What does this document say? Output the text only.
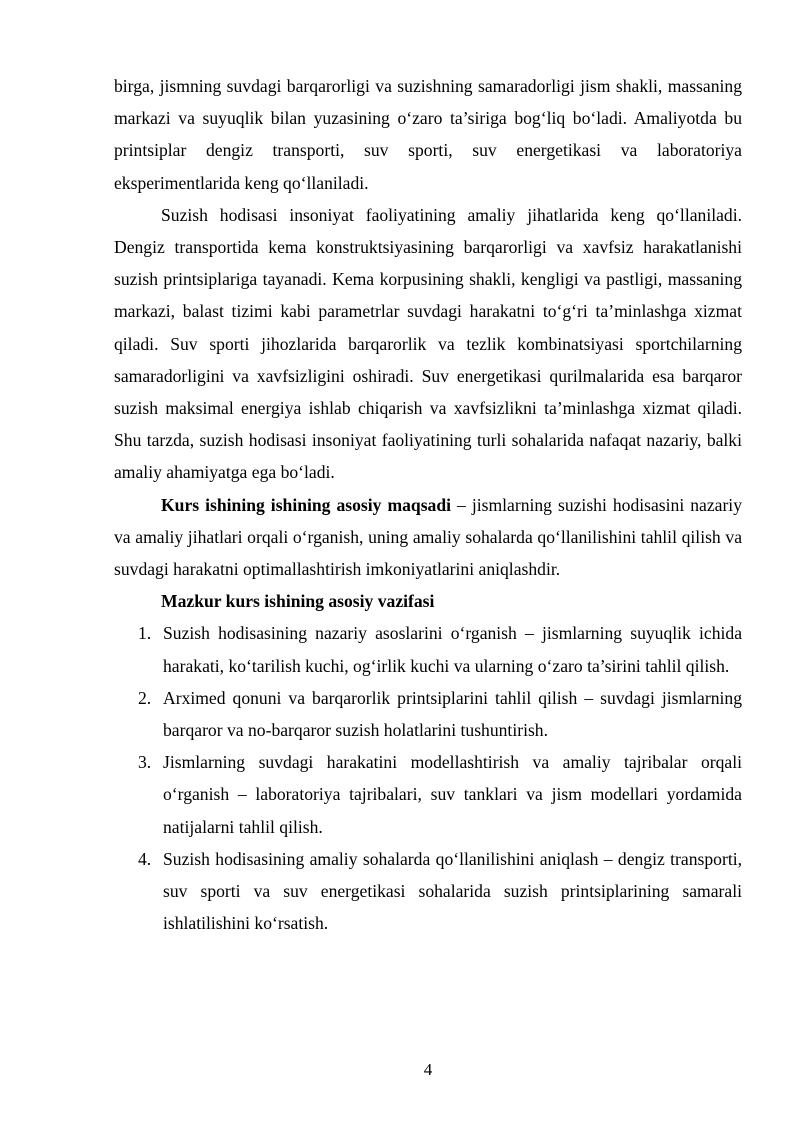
birga, jismning suvdagi barqarorligi va suzishning samaradorligi jism shakli, massaning markazi va suyuqlik bilan yuzasining o‘zaro ta’siriga bog‘liq bo‘ladi. Amaliyotda bu printsiplar dengiz transporti, suv sporti, suv energetikasi va laboratoriya eksperimentlarida keng qo‘llaniladi.

Suzish hodisasi insoniyat faoliyatining amaliy jihatlarida keng qo‘llaniladi. Dengiz transportida kema konstruktsiyasining barqarorligi va xavfsiz harakatlanishi suzish printsiplariga tayanadi. Kema korpusining shakli, kengligi va pastligi, massaning markazi, balast tizimi kabi parametrlar suvdagi harakatni to‘g‘ri ta’minlashga xizmat qiladi. Suv sporti jihozlarida barqarorlik va tezlik kombinatsiyasi sportchilarning samaradorligini va xavfsizligini oshiradi. Suv energetikasi qurilmalarida esa barqaror suzish maksimal energiya ishlab chiqarish va xavfsizlikni ta’minlashga xizmat qiladi. Shu tarzda, suzish hodisasi insoniyat faoliyatining turli sohalarida nafaqat nazariy, balki amaliy ahamiyatga ega bo‘ladi.

Kurs ishining ishining asosiy maqsadi – jismlarning suzishi hodisasini nazariy va amaliy jihatlari orqali o‘rganish, uning amaliy sohalarda qo‘llanilishini tahlil qilish va suvdagi harakatni optimallashtirish imkoniyatlarini aniqlashdir.

Mazkur kurs ishining asosiy vazifasi

1. Suzish hodisasining nazariy asoslarini o‘rganish – jismlarning suyuqlik ichida harakati, ko‘tarilish kuchi, og‘irlik kuchi va ularning o‘zaro ta’sirini tahlil qilish.
2. Arximed qonuni va barqarorlik printsiplarini tahlil qilish – suvdagi jismlarning barqaror va no-barqaror suzish holatlarini tushuntirish.
3. Jismlarning suvdagi harakatini modellashtirish va amaliy tajribalar orqali o‘rganish – laboratoriya tajribalari, suv tanklari va jism modellari yordamida natijalarni tahlil qilish.
4. Suzish hodisasining amaliy sohalarda qo‘llanilishini aniqlash – dengiz transporti, suv sporti va suv energetikasi sohalarida suzish printsiplarining samarali ishlatilishini ko‘rsatish.
4
